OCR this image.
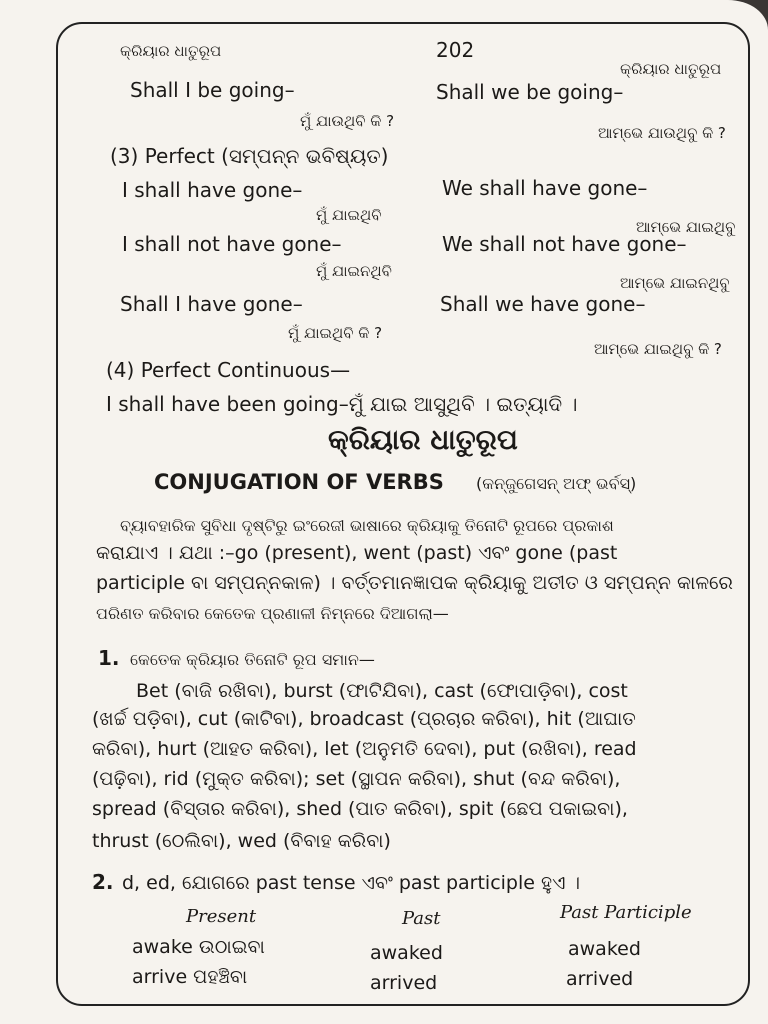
କ୍ରିୟାର ଧାତୁରୂପ	202
କ୍ରିୟାର ଧାତୁରୂପ
Shall I be going–	Shall we be going–
ମୁଁ ଯାଉଥିବି କି ?
ଆମ୍ଭେ ଯାଉଥିବୁ କି ?
(3) Perfect (ସମ୍ପନ୍ନ ଭବିଷ୍ୟତ)
I shall have gone–	We shall have gone–
ମୁଁ ଯାଇଥିବି
ଆମ୍ଭେ ଯାଇଥିବୁ
I shall not have gone–	We shall not have gone–
ମୁଁ ଯାଇନଥିବି
ଆମ୍ଭେ ଯାଇନଥିବୁ
Shall I have gone–	Shall we have gone–
ମୁଁ ଯାଇଥିବି କି ?
ଆମ୍ଭେ ଯାଇଥିବୁ କି ?
(4) Perfect Continuous—
I shall have been going–ମୁଁ ଯାଇ ଆସୁଥିବି । ଇତ୍ୟାଦି ।
କ୍ରିୟାର ଧାତୁରୂପ
CONJUGATION OF VERBS (କନ୍‌ଜୁଗେସନ୍ ଅଫ୍ ଭର୍ବସ୍)
ବ୍ୟାବହାରିକ ସୁବିଧା ଦୃଷ୍ଟିରୁ ଇଂରେଜୀ ଭାଷାରେ କ୍ରିୟାକୁ ତିନୋଟି ରୂପରେ ପ୍ରକାଶ
କରାଯାଏ । ଯଥା :–go (present), went (past) ଏବଂ gone (past
participle ବା ସମ୍ପନ୍ନକାଳ) । ବର୍ତ୍ତମାନଜ୍ଞାପକ କ୍ରିୟାକୁ ଅତୀତ ଓ ସମ୍ପନ୍ନ କାଳରେ
ପରିଣତ କରିବାର କେତେକ ପ୍ରଣାଳୀ ନିମ୍ନରେ ଦିଆଗଲା—
1. କେତେକ କ୍ରିୟାର ତିନୋଟି ରୂପ ସମାନ—
Bet (ବାଜି ରଖିବା), burst (ଫାଟିଯିବା), cast (ଫୋପାଡ଼ିବା), cost
(ଖର୍ଚ୍ଚ ପଡ଼ିବା), cut (କାଟିବା), broadcast (ପ୍ରଚାର କରିବା), hit (ଆଘାତ
କରିବା), hurt (ଆହତ କରିବା), let (ଅନୁମତି ଦେବା), put (ରଖିବା), read
(ପଢ଼ିବା), rid (ମୁକ୍ତ କରିବା); set (ସ୍ଥାପନ କରିବା), shut (ବନ୍ଦ କରିବା),
spread (ବିସ୍ତାର କରିବା), shed (ପାତ କରିବା), spit (ଛେପ ପକାଇବା),
thrust (ଠେଲିବା), wed (ବିବାହ କରିବା)
2. d, ed, ଯୋଗରେ past tense ଏବଂ past participle ହୁଏ ।
Present	Past	Past Participle
awake ଉଠାଇବା	awaked	awaked
arrive ପହଞ୍ଚିବା	arrived	arrived
